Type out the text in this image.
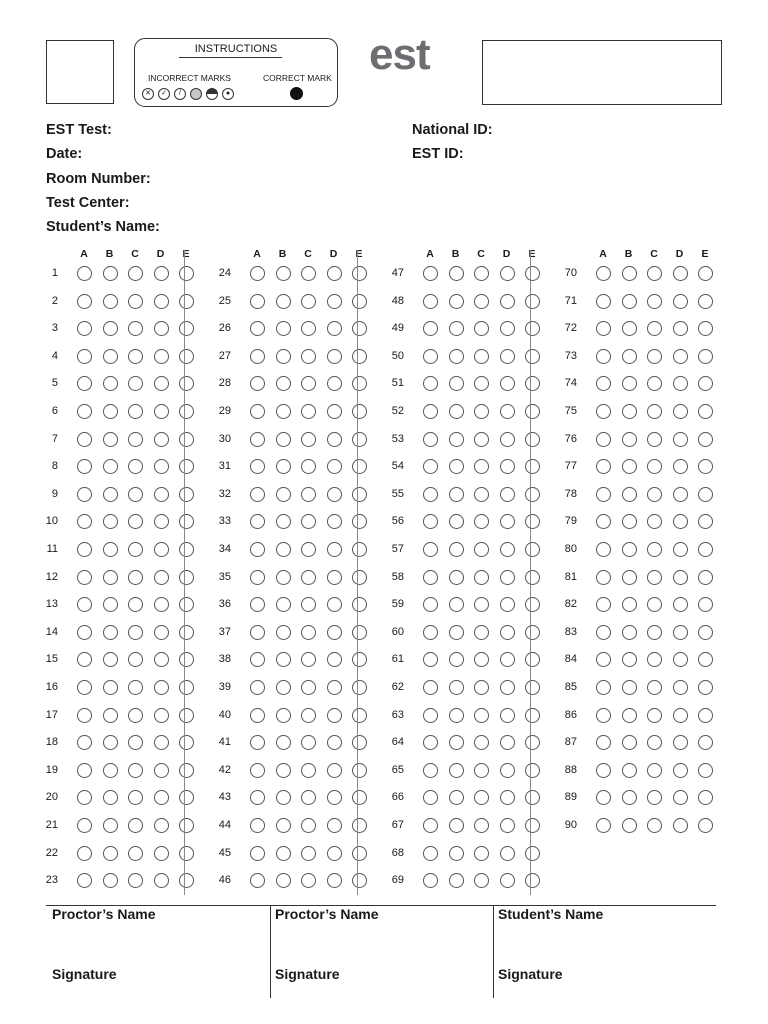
INSTRUCTIONS
INCORRECT MARKS	CORRECT MARK
✕	✓	/	●
est
EST Test:
Date:
Room Number:
Test Center:
Student’s Name:
National ID:
EST ID:
A B C D E
1
2
3
4
5
6
7
8
9
10
11
12
13
14
15
16
17
18
19
20
21
22
23
A B C D E
24
25
26
27
28
29
30
31
32
33
34
35
36
37
38
39
40
41
42
43
44
45
46
A B C D E
47
48
49
50
51
52
53
54
55
56
57
58
59
60
61
62
63
64
65
66
67
68
69
A B C D E
70
71
72
73
74
75
76
77
78
79
80
81
82
83
84
85
86
87
88
89
90
Proctor’s Name
Signature
Proctor’s Name
Signature
Student’s Name
Signature
